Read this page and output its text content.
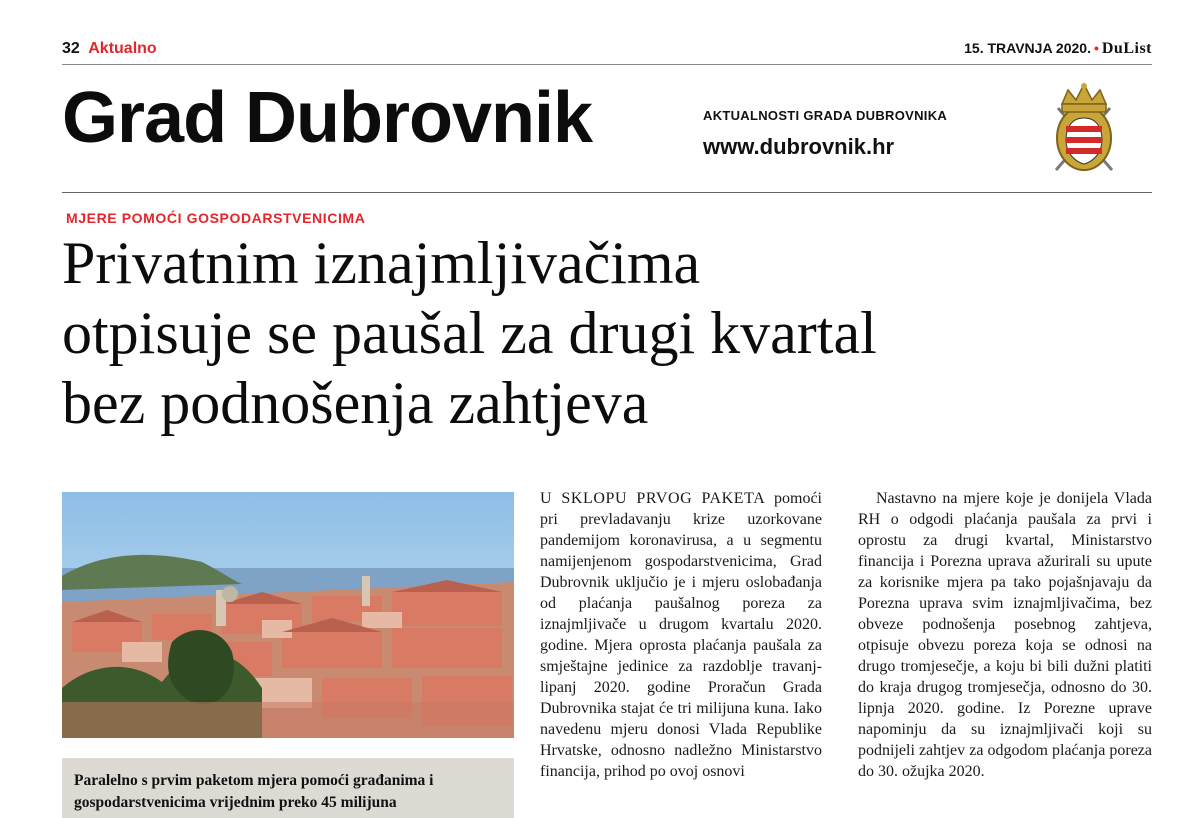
32 Aktualno	15. TRAVNJA 2020. • DuList
Grad Dubrovnik	AKTUALNOSTI GRADA DUBROVNIKA
www.dubrovnik.hr
MJERE POMOĆI GOSPODARSTVENICIMA
Privatnim iznajmljivačima
otpisuje se paušal za drugi kvartal
bez podnošenja zahtjeva

U SKLOPU PRVOG PAKETA pomoći pri prevladavanju krize uzorkovane pandemijom koronavirusa, a u segmentu namijenjenom gospodarstvenicima, Grad Dubrovnik uključio je i mjeru oslobađanja od plaćanja paušalnog poreza za iznajmljivače u drugom kvartalu 2020. godine. Mjera oprosta plaćanja paušala za smještajne jedinice za razdoblje travanj-lipanj 2020. godine Proračun Grada Dubrovnika stajat će tri milijuna kuna. Iako navedenu mjeru donosi Vlada Republike Hrvatske, odnosno nadležno Ministarstvo financija, prihod po ovoj osnovi

Nastavno na mjere koje je donijela Vlada RH o odgodi plaćanja paušala za prvi i oprostu za drugi kvartal, Ministarstvo financija i Porezna uprava ažurirali su upute za korisnike mjera pa tako pojašnjavaju da Porezna uprava svim iznajmljivačima, bez obveze podnošenja posebnog zahtjeva, otpisuje obvezu poreza koja se odnosi na drugo tromjesečje, a koju bi bili dužni platiti do kraja drugog tromjesečja, odnosno do 30. lipnja 2020. godine. Iz Porezne uprave napominju da su iznajmljivači koji su podnijeli zahtjev za odgodom plaćanja poreza do 30. ožujka 2020.

Paralelno s prvim paketom mjera pomoći građanima i gospodarstvenicima vrijednim preko 45 milijuna
